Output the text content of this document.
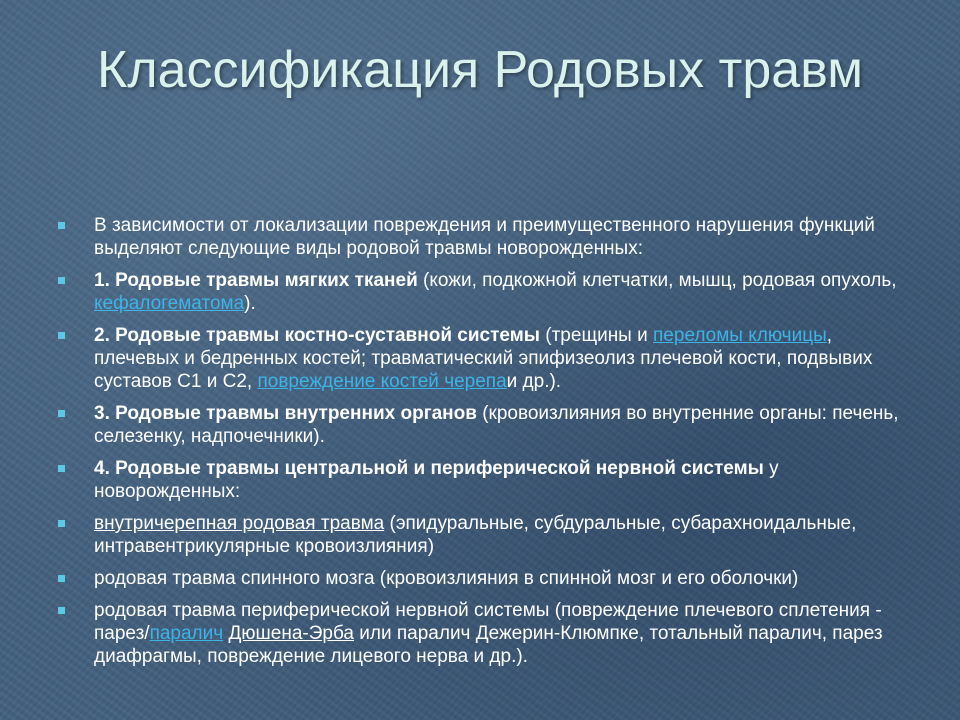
Классификация Родовых травм
В зависимости от локализации повреждения и преимущественного нарушения функций выделяют следующие виды родовой травмы новорожденных:
1. Родовые травмы мягких тканей (кожи, подкожной клетчатки, мышц, родовая опухоль, кефалогематома).
2. Родовые травмы костно-суставной системы (трещины и переломы ключицы, плечевых и бедренных костей; травматический эпифизеолиз плечевой кости, подвывих суставов С1 и С2, повреждение костей черепаи др.).
3. Родовые травмы внутренних органов (кровоизлияния во внутренние органы: печень, селезенку, надпочечники).
4. Родовые травмы центральной и периферической нервной системы у новорожденных:
внутричерепная родовая травма (эпидуральные, субдуральные, субарахноидальные, интравентрикулярные кровоизлияния)
родовая травма спинного мозга (кровоизлияния в спинной мозг и его оболочки)
родовая травма периферической нервной системы (повреждение плечевого сплетения - парез/паралич Дюшена-Эрба или паралич Дежерин-Клюмпке, тотальный паралич, парез диафрагмы, повреждение лицевого нерва и др.).
